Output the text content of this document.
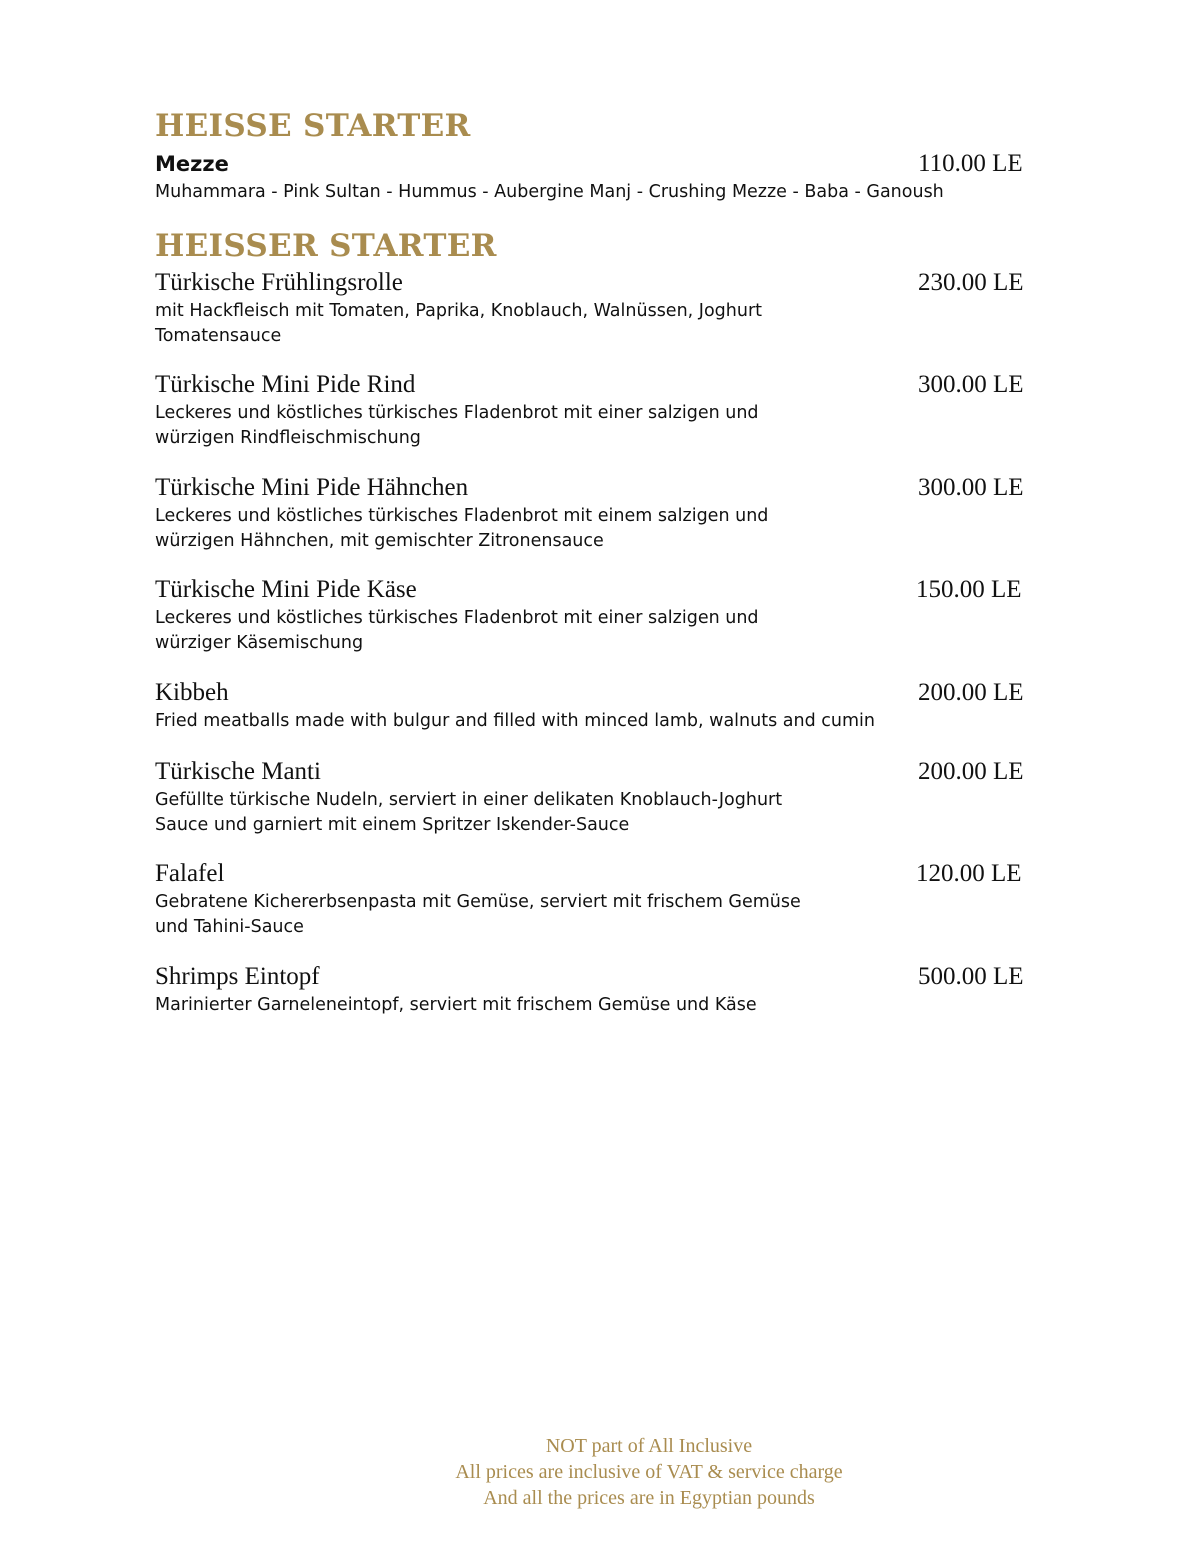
HEISSE STARTER
Mezze	110.00 LE
Muhammara - Pink Sultan - Hummus - Aubergine Manj - Crushing Mezze - Baba - Ganoush
HEISSER STARTER
Türkische Frühlingsrolle	230.00 LE
mit Hackfleisch mit Tomaten, Paprika, Knoblauch, Walnüssen, Joghurt
Tomatensauce
Türkische Mini Pide Rind	300.00 LE
Leckeres und köstliches türkisches Fladenbrot mit einer salzigen und
würzigen Rindfleischmischung
Türkische Mini Pide Hähnchen	300.00 LE
Leckeres und köstliches türkisches Fladenbrot mit einem salzigen und
würzigen Hähnchen, mit gemischter Zitronensauce
Türkische Mini Pide Käse	150.00 LE
Leckeres und köstliches türkisches Fladenbrot mit einer salzigen und
würziger Käsemischung
Kibbeh	200.00 LE
Fried meatballs made with bulgur and filled with minced lamb, walnuts and cumin
Türkische Manti	200.00 LE
Gefüllte türkische Nudeln, serviert in einer delikaten Knoblauch-Joghurt
Sauce und garniert mit einem Spritzer Iskender-Sauce
Falafel	120.00 LE
Gebratene Kichererbsenpasta mit Gemüse, serviert mit frischem Gemüse
und Tahini-Sauce
Shrimps Eintopf	500.00 LE
Marinierter Garneleneintopf, serviert mit frischem Gemüse und Käse
NOT part of All Inclusive
All prices are inclusive of VAT & service charge
And all the prices are in Egyptian pounds
